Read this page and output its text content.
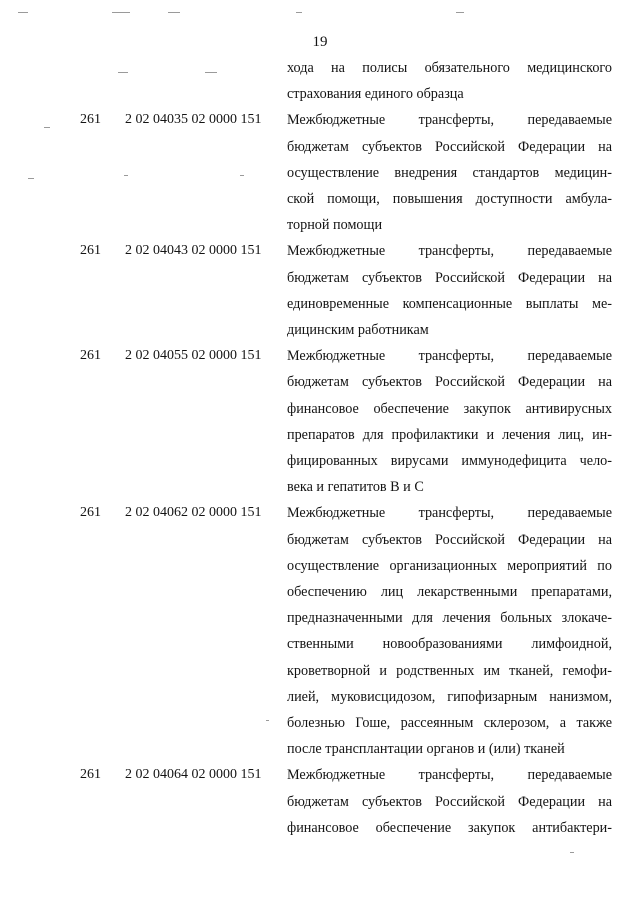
19
хода на полисы обязательного медицинского
страхования единого образца
261 2 02 04035 02 0000 151 Межбюджетные трансферты, передаваемые
бюджетам субъектов Российской Федерации на
осуществление внедрения стандартов медицин-
ской помощи, повышения доступности амбула-
торной помощи
261 2 02 04043 02 0000 151 Межбюджетные трансферты, передаваемые
бюджетам субъектов Российской Федерации на
единовременные компенсационные выплаты ме-
дицинским работникам
261 2 02 04055 02 0000 151 Межбюджетные трансферты, передаваемые
бюджетам субъектов Российской Федерации на
финансовое обеспечение закупок антивирусных
препаратов для профилактики и лечения лиц, ин-
фицированных вирусами иммунодефицита чело-
века и гепатитов В и С
261 2 02 04062 02 0000 151 Межбюджетные трансферты, передаваемые
бюджетам субъектов Российской Федерации на
осуществление организационных мероприятий по
обеспечению лиц лекарственными препаратами,
предназначенными для лечения больных злокаче-
ственными новообразованиями лимфоидной,
кроветворной и родственных им тканей, гемофи-
лией, муковисцидозом, гипофизарным нанизмом,
болезнью Гоше, рассеянным склерозом, а также
после трансплантации органов и (или) тканей
261 2 02 04064 02 0000 151 Межбюджетные трансферты, передаваемые
бюджетам субъектов Российской Федерации на
финансовое обеспечение закупок антибактери-
